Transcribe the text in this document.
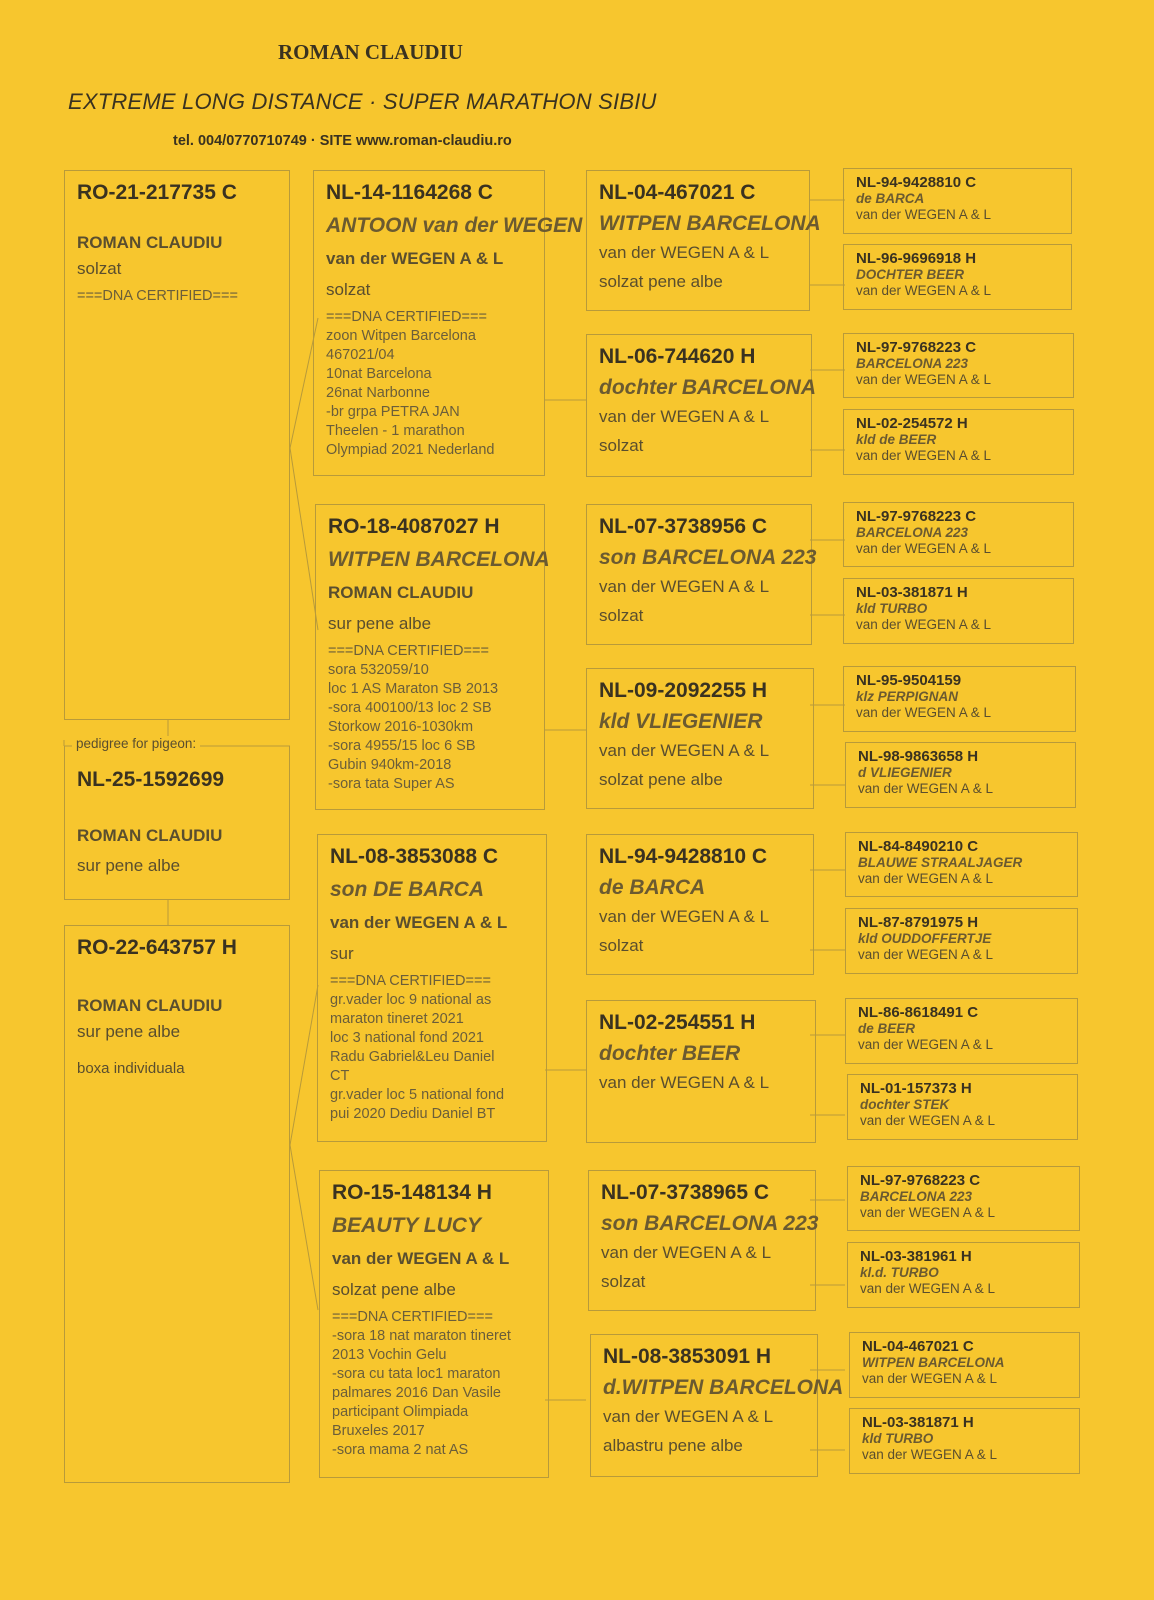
ROMAN CLAUDIU
EXTREME LONG DISTANCE · SUPER MARATHON SIBIU
tel. 004/0770710749 · SITE www.roman-claudiu.ro
RO-21-217735 C
ROMAN CLAUDIU
solzat
===DNA CERTIFIED===
pedigree for pigeon:
NL-25-1592699
ROMAN CLAUDIU
sur pene albe
RO-22-643757 H
ROMAN CLAUDIU
sur pene albe
boxa individuala
NL-14-1164268 C
ANTOON van der WEGEN
van der WEGEN A & L
solzat
===DNA CERTIFIED===
zoon Witpen Barcelona
467021/04
10nat Barcelona
26nat Narbonne
-br grpa PETRA JAN
Theelen - 1 marathon
Olympiad 2021 Nederland
RO-18-4087027 H
WITPEN BARCELONA
ROMAN CLAUDIU
sur pene albe
===DNA CERTIFIED===
sora 532059/10
loc 1 AS Maraton SB 2013
-sora 400100/13 loc 2 SB
Storkow 2016-1030km
-sora 4955/15 loc 6 SB
Gubin 940km-2018
-sora tata Super AS
NL-08-3853088 C
son DE BARCA
van der WEGEN A & L
sur
===DNA CERTIFIED===
gr.vader loc 9 national as
maraton tineret 2021
loc 3 national fond 2021
Radu Gabriel&Leu Daniel
CT
gr.vader loc 5 national fond
pui 2020 Dediu Daniel BT
RO-15-148134 H
BEAUTY LUCY
van der WEGEN A & L
solzat pene albe
===DNA CERTIFIED===
-sora 18 nat maraton tineret
2013 Vochin Gelu
-sora cu tata loc1 maraton
palmares 2016 Dan Vasile
participant Olimpiada
Bruxeles 2017
-sora mama 2 nat AS
NL-04-467021 C
WITPEN BARCELONA
van der WEGEN A & L
solzat pene albe
NL-06-744620 H
dochter BARCELONA
van der WEGEN A & L
solzat
NL-07-3738956 C
son BARCELONA 223
van der WEGEN A & L
solzat
NL-09-2092255 H
kld VLIEGENIER
van der WEGEN A & L
solzat pene albe
NL-94-9428810 C
de BARCA
van der WEGEN A & L
solzat
NL-02-254551 H
dochter BEER
van der WEGEN A & L
NL-07-3738965 C
son BARCELONA 223
van der WEGEN A & L
solzat
NL-08-3853091 H
d.WITPEN BARCELONA
van der WEGEN A & L
albastru pene albe
NL-94-9428810 C
de BARCA
van der WEGEN A & L
NL-96-9696918 H
DOCHTER BEER
van der WEGEN A & L
NL-97-9768223 C
BARCELONA 223
van der WEGEN A & L
NL-02-254572 H
kld de BEER
van der WEGEN A & L
NL-97-9768223 C
BARCELONA 223
van der WEGEN A & L
NL-03-381871 H
kld TURBO
van der WEGEN A & L
NL-95-9504159
klz PERPIGNAN
van der WEGEN A & L
NL-98-9863658 H
d VLIEGENIER
van der WEGEN A & L
NL-84-8490210 C
BLAUWE STRAALJAGER
van der WEGEN A & L
NL-87-8791975 H
kld OUDDOFFERTJE
van der WEGEN A & L
NL-86-8618491 C
de BEER
van der WEGEN A & L
NL-01-157373 H
dochter STEK
van der WEGEN A & L
NL-97-9768223 C
BARCELONA 223
van der WEGEN A & L
NL-03-381961 H
kl.d. TURBO
van der WEGEN A & L
NL-04-467021 C
WITPEN BARCELONA
van der WEGEN A & L
NL-03-381871 H
kld TURBO
van der WEGEN A & L
